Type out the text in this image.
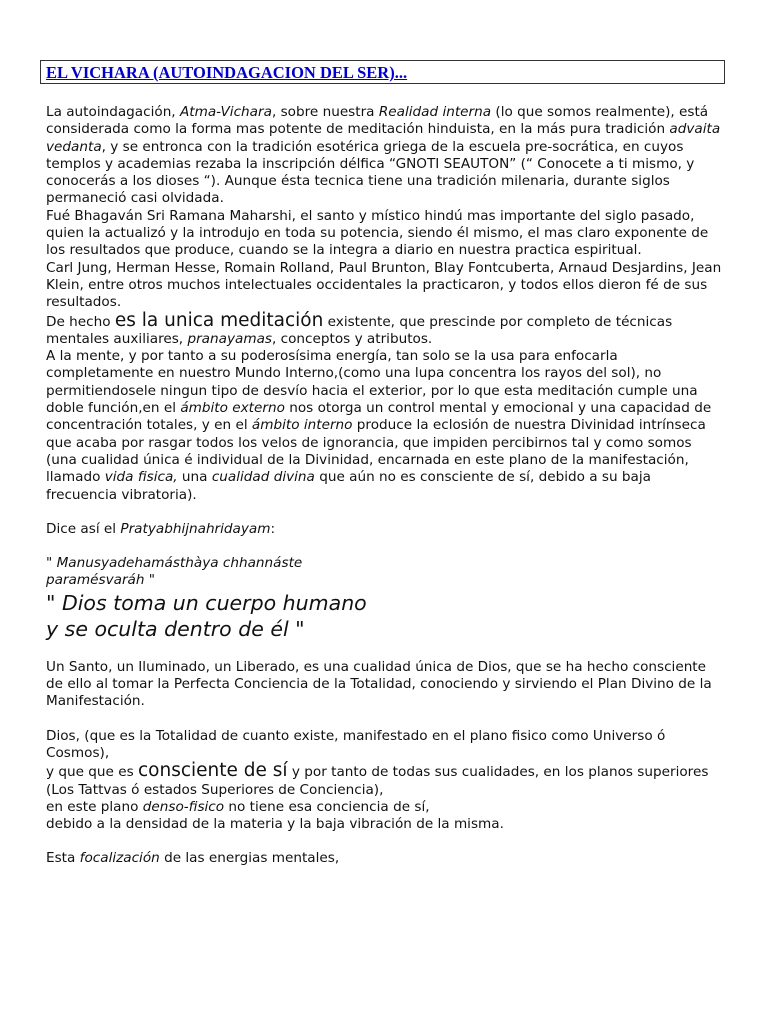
EL VICHARA (AUTOINDAGACION DEL SER)...

La autoindagación, Atma-Vichara, sobre nuestra Realidad interna (lo que somos realmente), está considerada como la forma mas potente de meditación hinduista, en la más pura tradición advaita vedanta, y se entronca con la tradición esotérica griega de la escuela pre-socrática, en cuyos templos y academias rezaba la inscripción délfica “GNOTI SEAUTON” (“ Conocete a ti mismo, y conocerás a los dioses “). Aunque ésta tecnica tiene una tradición milenaria, durante siglos permaneció casi olvidada.

Fué Bhagaván Sri Ramana Maharshi, el santo y místico hindú mas importante del siglo pasado, quien la actualizó y la introdujo en toda su potencia, siendo él mismo, el mas claro exponente de los resultados que produce, cuando se la integra a diario en nuestra practica espiritual.

Carl Jung, Herman Hesse, Romain Rolland, Paul Brunton, Blay Fontcuberta, Arnaud Desjardins, Jean Klein, entre otros muchos intelectuales occidentales la practicaron, y todos ellos dieron fé de sus resultados.

De hecho es la unica meditación existente, que prescinde por completo de técnicas mentales auxiliares, pranayamas, conceptos y atributos.

A la mente, y por tanto a su poderosísima energía, tan solo se la usa para enfocarla completamente en nuestro Mundo Interno,(como una lupa concentra los rayos del sol), no permitiendosele ningun tipo de desvío hacia el exterior, por lo que esta meditación cumple una doble función,en el ámbito externo nos otorga un control mental y emocional y una capacidad de concentración totales, y en el ámbito interno produce la eclosión de nuestra Divinidad intrínseca que acaba por rasgar todos los velos de ignorancia, que impiden percibirnos tal y como somos (una cualidad única é individual de la Divinidad, encarnada en este plano de la manifestación, llamado vida fisica, una cualidad divina que aún no es consciente de sí, debido a su baja frecuencia vibratoria).

Dice así el Pratyabhijnahridayam:

" Manusyadehamásthàya chhannáste
paramésvaráh "

" Dios toma un cuerpo humano
y se oculta dentro de él "

Un Santo, un Iluminado, un Liberado, es una cualidad única de Dios, que se ha hecho consciente de ello al tomar la Perfecta Conciencia de la Totalidad, conociendo y sirviendo el Plan Divino de la Manifestación.

Dios, (que es la Totalidad de cuanto existe, manifestado en el plano fisico como Universo ó Cosmos),

y que que es consciente de sí y por tanto de todas sus cualidades, en los planos superiores (Los Tattvas ó estados Superiores de Conciencia),

en este plano denso-fisico no tiene esa conciencia de sí,

debido a la densidad de la materia y la baja vibración de la misma.

Esta focalización de las energias mentales,
